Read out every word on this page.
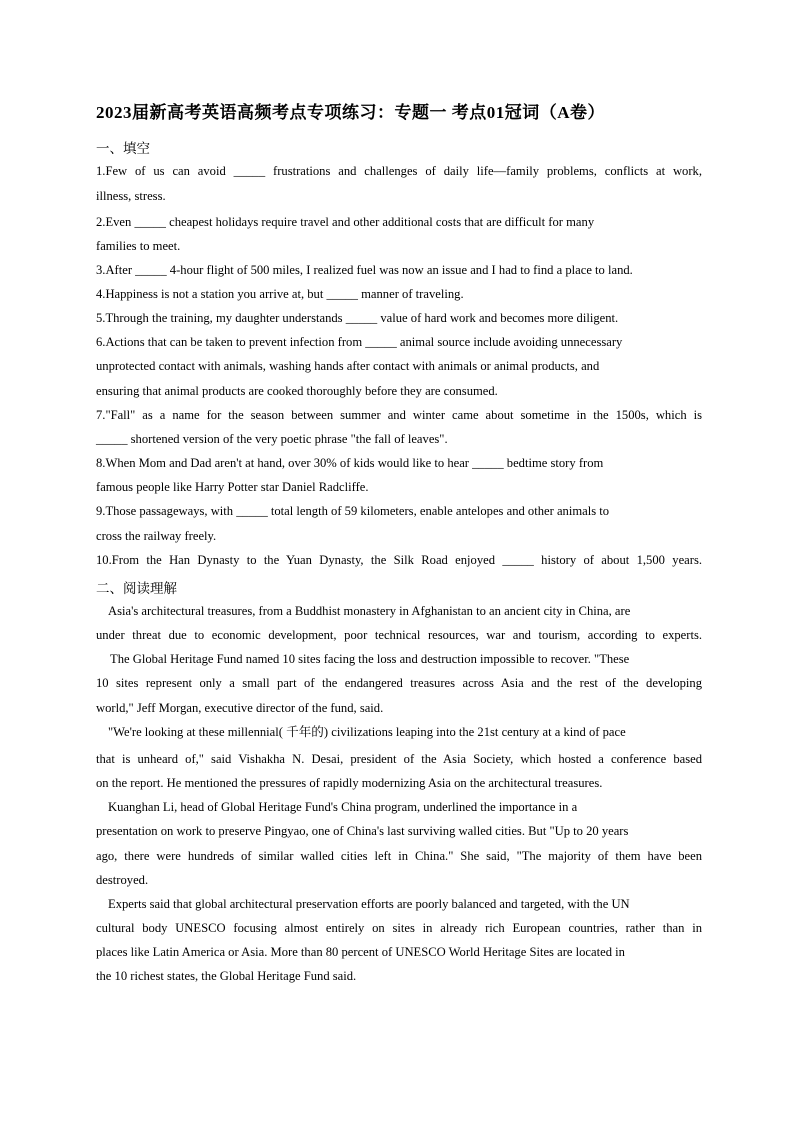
2023届新高考英语高频考点专项练习：专题一 考点01冠词（A卷）
一、填空
1.Few of us can avoid _____ frustrations and challenges of daily life—family problems, conflicts at work,
illness, stress.
2.Even _____ cheapest holidays require travel and other additional costs that are difficult for many
families to meet.
3.After _____ 4-hour flight of 500 miles, I realized fuel was now an issue and I had to find a place to land.
4.Happiness is not a station you arrive at, but _____ manner of traveling.
5.Through the training, my daughter understands _____ value of hard work and becomes more diligent.
6.Actions that can be taken to prevent infection from _____ animal source include avoiding unnecessary
unprotected contact with animals, washing hands after contact with animals or animal products, and
ensuring that animal products are cooked thoroughly before they are consumed.
7."Fall" as a name for the season between summer and winter came about sometime in the 1500s, which is
_____ shortened version of the very poetic phrase "the fall of leaves".
8.When Mom and Dad aren't at hand, over 30% of kids would like to hear _____ bedtime story from
famous people like Harry Potter star Daniel Radcliffe.
9.Those passageways, with _____ total length of 59 kilometers, enable antelopes and other animals to
cross the railway freely.
10.From the Han Dynasty to the Yuan Dynasty, the Silk Road enjoyed _____ history of about 1,500 years.
二、阅读理解
Asia's architectural treasures, from a Buddhist monastery in Afghanistan to an ancient city in China, are
under threat due to economic development, poor technical resources, war and tourism, according to experts.
The Global Heritage Fund named 10 sites facing the loss and destruction impossible to recover. "These
10 sites represent only a small part of the endangered treasures across Asia and the rest of the developing
world," Jeff Morgan, executive director of the fund, said.
"We're looking at these millennial( 千年的) civilizations leaping into the 21st century at a kind of pace
that is unheard of," said Vishakha N. Desai, president of the Asia Society, which hosted a conference based
on the report. He mentioned the pressures of rapidly modernizing Asia on the architectural treasures.
Kuanghan Li, head of Global Heritage Fund's China program, underlined the importance in a
presentation on work to preserve Pingyao, one of China's last surviving walled cities. But "Up to 20 years
ago, there were hundreds of similar walled cities left in China." She said, "The majority of them have been
destroyed.
Experts said that global architectural preservation efforts are poorly balanced and targeted, with the UN
cultural body UNESCO focusing almost entirely on sites in already rich European countries, rather than in
places like Latin America or Asia. More than 80 percent of UNESCO World Heritage Sites are located in
the 10 richest states, the Global Heritage Fund said.
